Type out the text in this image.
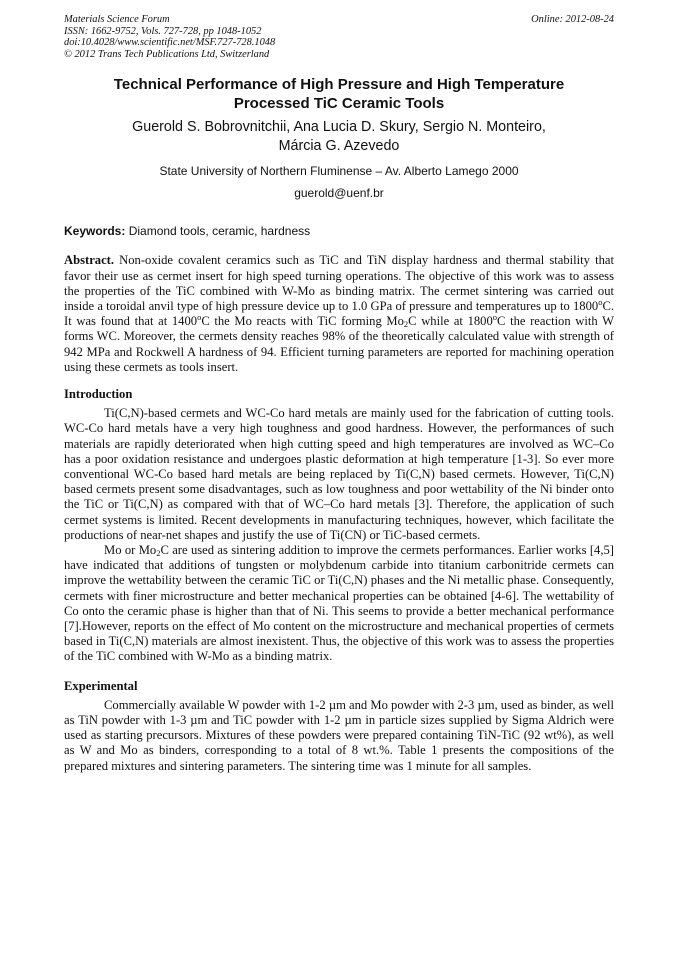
Materials Science Forum
ISSN: 1662-9752, Vols. 727-728, pp 1048-1052
doi:10.4028/www.scientific.net/MSF.727-728.1048
© 2012 Trans Tech Publications Ltd, Switzerland
Online: 2012-08-24
Technical Performance of High Pressure and High Temperature
Processed TiC Ceramic Tools
Guerold S. Bobrovnitchii, Ana Lucia D. Skury, Sergio N. Monteiro,
Márcia G. Azevedo
State University of Northern Fluminense – Av. Alberto Lamego 2000
guerold@uenf.br
Keywords: Diamond tools, ceramic, hardness

Abstract. Non-oxide covalent ceramics such as TiC and TiN display hardness and thermal stability that favor their use as cermet insert for high speed turning operations. The objective of this work was to assess the properties of the TiC combined with W-Mo as binding matrix. The cermet sintering was carried out inside a toroidal anvil type of high pressure device up to 1.0 GPa of pressure and temperatures up to 1800$^o$C. It was found that at 1400$^o$C the Mo reacts with TiC forming $Mo_2C$ while at 1800$^o$C the reaction with W forms WC. Moreover, the cermets density reaches 98% of the theoretically calculated value with strength of 942 MPa and Rockwell A hardness of 94. Efficient turning parameters are reported for machining operation using these cermets as tools insert.

Introduction

Ti(C,N)-based cermets and WC-Co hard metals are mainly used for the fabrication of cutting tools. WC-Co hard metals have a very high toughness and good hardness. However, the performances of such materials are rapidly deteriorated when high cutting speed and high temperatures are involved as WC–Co has a poor oxidation resistance and undergoes plastic deformation at high temperature [1-3]. So ever more conventional WC-Co based hard metals are being replaced by Ti(C,N) based cermets. However, Ti(C,N) based cermets present some disadvantages, such as low toughness and poor wettability of the Ni binder onto the TiC or Ti(C,N) as compared with that of WC–Co hard metals [3]. Therefore, the application of such cermet systems is limited. Recent developments in manufacturing techniques, however, which facilitate the productions of near-net shapes and justify the use of Ti(CN) or TiC-based cermets.

Mo or $Mo_2C$ are used as sintering addition to improve the cermets performances. Earlier works [4,5] have indicated that additions of tungsten or molybdenum carbide into titanium carbonitride cermets can improve the wettability between the ceramic TiC or Ti(C,N) phases and the Ni metallic phase. Consequently, cermets with finer microstructure and better mechanical properties can be obtained [4-6]. The wettability of Co onto the ceramic phase is higher than that of Ni. This seems to provide a better mechanical performance [7].However, reports on the effect of Mo content on the microstructure and mechanical properties of cermets based in Ti(C,N) materials are almost inexistent. Thus, the objective of this work was to assess the properties of the TiC combined with W-Mo as a binding matrix.

Experimental

Commercially available W powder with 1-2 µm and Mo powder with 2-3 µm, used as binder, as well as TiN powder with 1-3 µm and TiC powder with 1-2 µm in particle sizes supplied by Sigma Aldrich were used as starting precursors. Mixtures of these powders were prepared containing TiN-TiC (92 wt%), as well as W and Mo as binders, corresponding to a total of 8 wt.%. Table 1 presents the compositions of the prepared mixtures and sintering parameters. The sintering time was 1 minute for all samples.
